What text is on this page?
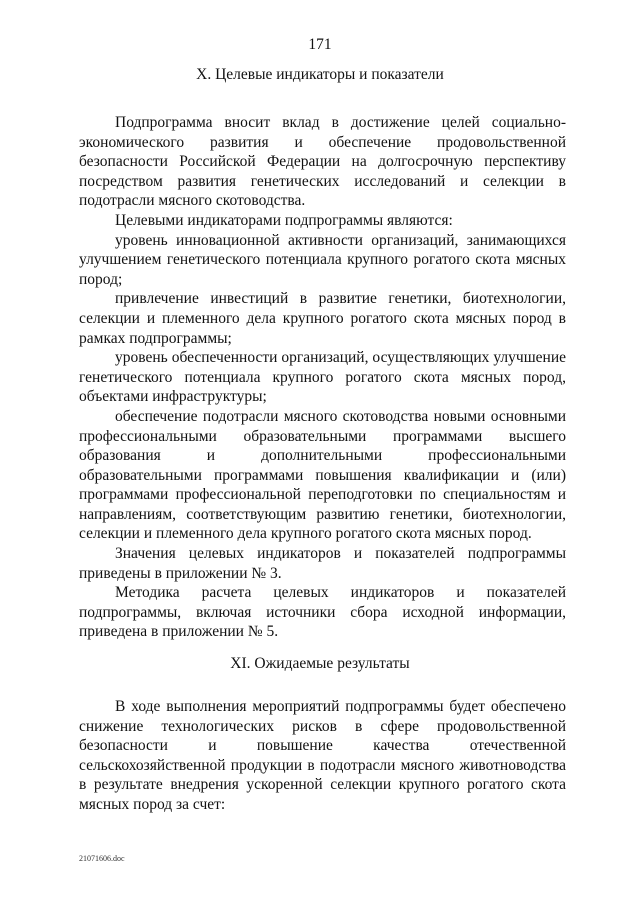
171
X. Целевые индикаторы и показатели

Подпрограмма вносит вклад в достижение целей социально-экономического развития и обеспечение продовольственной безопасности Российской Федерации на долгосрочную перспективу посредством развития генетических исследований и селекции в подотрасли мясного скотоводства.

Целевыми индикаторами подпрограммы являются:

уровень инновационной активности организаций, занимающихся улучшением генетического потенциала крупного рогатого скота мясных пород;

привлечение инвестиций в развитие генетики, биотехнологии, селекции и племенного дела крупного рогатого скота мясных пород в рамках подпрограммы;

уровень обеспеченности организаций, осуществляющих улучшение генетического потенциала крупного рогатого скота мясных пород, объектами инфраструктуры;

обеспечение подотрасли мясного скотоводства новыми основными профессиональными образовательными программами высшего образования и дополнительными профессиональными образовательными программами повышения квалификации и (или) программами профессиональной переподготовки по специальностям и направлениям, соответствующим развитию генетики, биотехнологии, селекции и племенного дела крупного рогатого скота мясных пород.

Значения целевых индикаторов и показателей подпрограммы приведены в приложении № 3.

Методика расчета целевых индикаторов и показателей подпрограммы, включая источники сбора исходной информации, приведена в приложении № 5.

XI. Ожидаемые результаты

В ходе выполнения мероприятий подпрограммы будет обеспечено снижение технологических рисков в сфере продовольственной безопасности и повышение качества отечественной сельскохозяйственной продукции в подотрасли мясного животноводства в результате внедрения ускоренной селекции крупного рогатого скота мясных пород за счет:

21071606.doc
